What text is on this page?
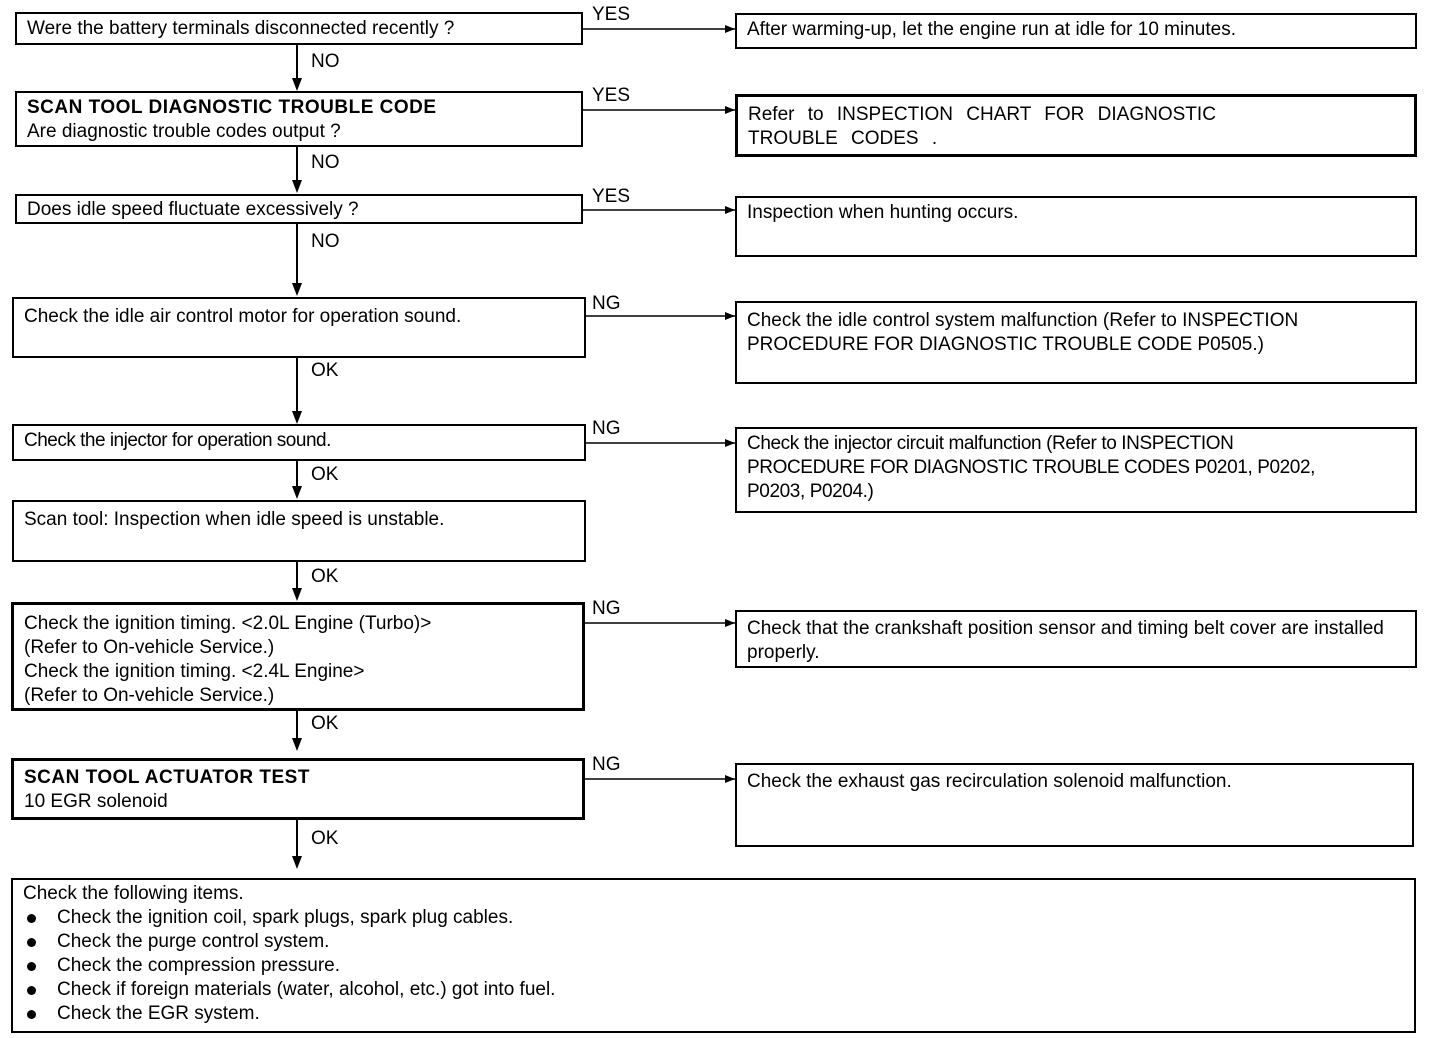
Were the battery terminals disconnected recently ?
YES
After warming-up, let the engine run at idle for 10 minutes.
NO
SCAN TOOL DIAGNOSTIC TROUBLE CODE
Are diagnostic trouble codes output ?
YES
Refer to INSPECTION CHART FOR DIAGNOSTIC TROUBLE CODES .
NO
Does idle speed fluctuate excessively ?
YES
Inspection when hunting occurs.
NO
Check the idle air control motor for operation sound.
NG
Check the idle control system malfunction (Refer to INSPECTION PROCEDURE FOR DIAGNOSTIC TROUBLE CODE P0505.)
OK
Check the injector for operation sound.
NG
Check the injector circuit malfunction (Refer to INSPECTION PROCEDURE FOR DIAGNOSTIC TROUBLE CODES P0201, P0202, P0203, P0204.)
OK
Scan tool: Inspection when idle speed is unstable.
OK
Check the ignition timing. <2.0L Engine (Turbo)>
(Refer to On-vehicle Service.)
Check the ignition timing. <2.4L Engine>
(Refer to On-vehicle Service.)
NG
Check that the crankshaft position sensor and timing belt cover are installed properly.
OK
SCAN TOOL ACTUATOR TEST
10 EGR solenoid
NG
Check the exhaust gas recirculation solenoid malfunction.
OK
Check the following items.
Check the ignition coil, spark plugs, spark plug cables.
Check the purge control system.
Check the compression pressure.
Check if foreign materials (water, alcohol, etc.) got into fuel.
Check the EGR system.
